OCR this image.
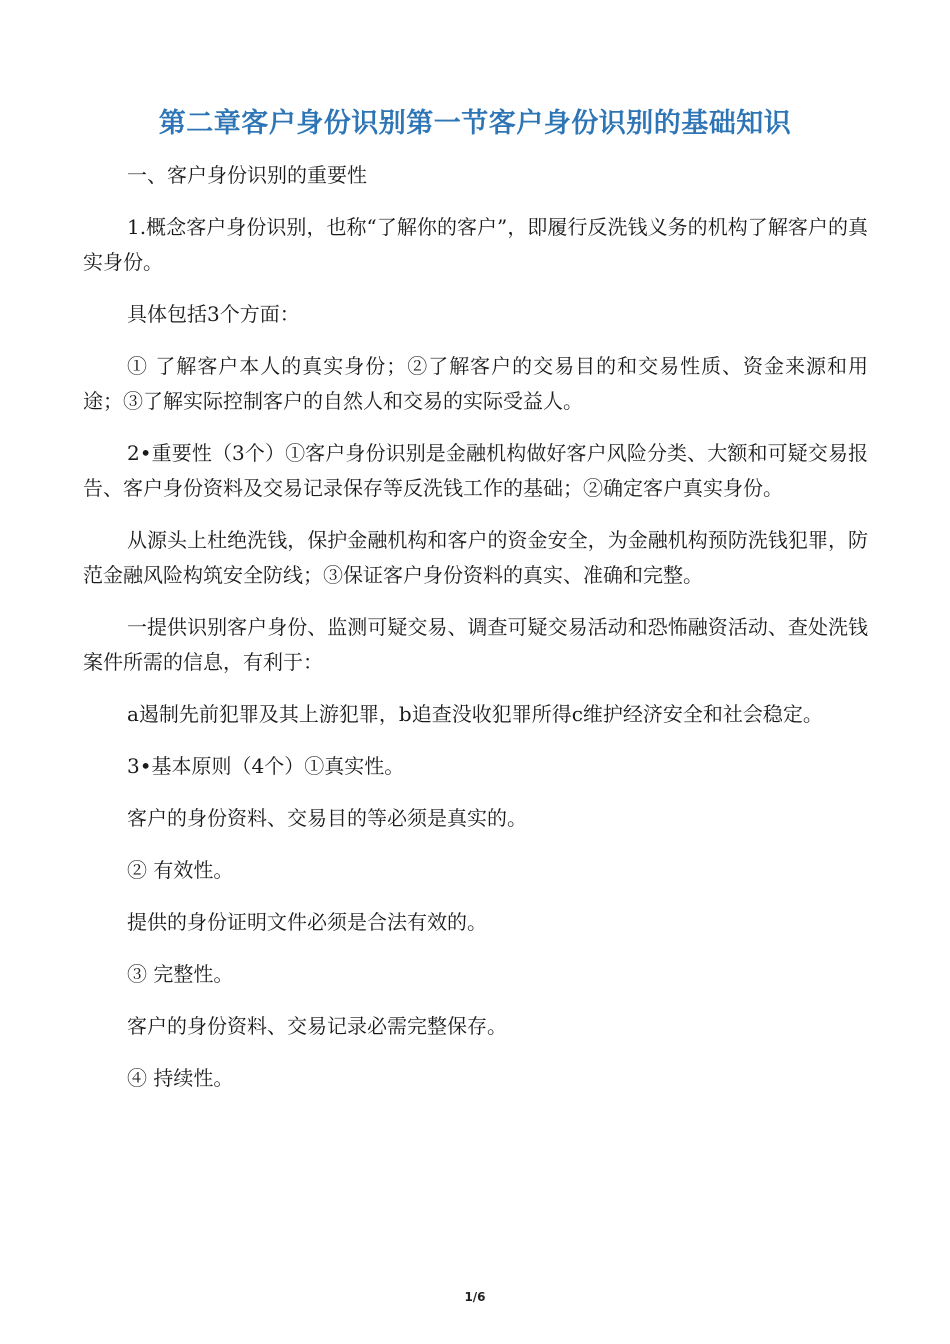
第二章客户身份识别第一节客户身份识别的基础知识

一、客户身份识别的重要性

1.概念客户身份识别，也称“了解你的客户”，即履行反洗钱义务的机构了解客户的真实身份。

具体包括3个方面：

① 了解客户本人的真实身份；②了解客户的交易目的和交易性质、资金来源和用途；③了解实际控制客户的自然人和交易的实际受益人。

2•重要性（3个）①客户身份识别是金融机构做好客户风险分类、大额和可疑交易报告、客户身份资料及交易记录保存等反洗钱工作的基础；②确定客户真实身份。

从源头上杜绝洗钱，保护金融机构和客户的资金安全，为金融机构预防洗钱犯罪，防范金融风险构筑安全防线；③保证客户身份资料的真实、准确和完整。

一提供识别客户身份、监测可疑交易、调查可疑交易活动和恐怖融资活动、查处洗钱案件所需的信息，有利于：

a遏制先前犯罪及其上游犯罪，b追查没收犯罪所得c维护经济安全和社会稳定。

3•基本原则（4个）①真实性。

客户的身份资料、交易目的等必须是真实的。

② 有效性。

提供的身份证明文件必须是合法有效的。

③ 完整性。

客户的身份资料、交易记录必需完整保存。

④ 持续性。

1/6
